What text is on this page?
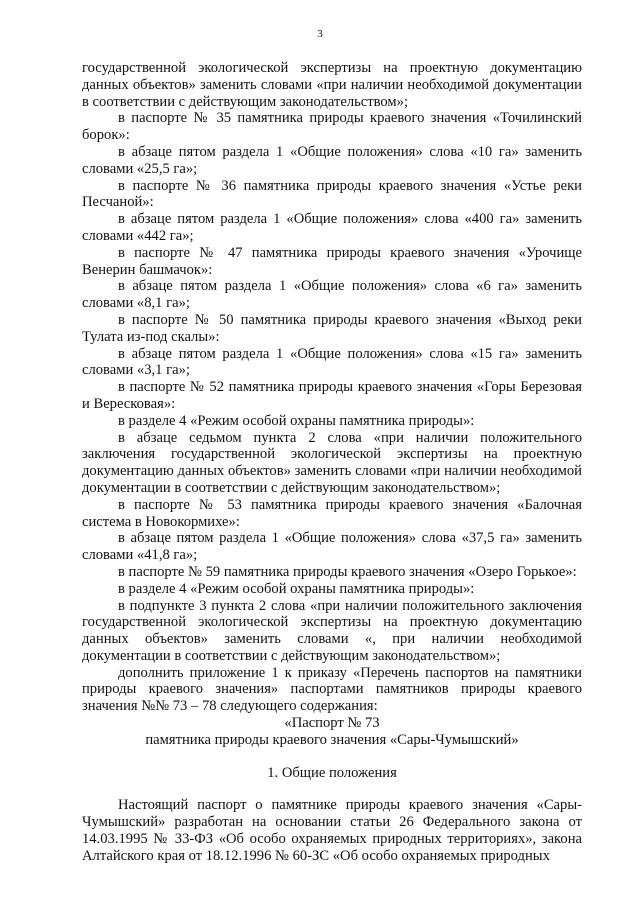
3

государственной экологической экспертизы на проектную документацию данных объектов» заменить словами «при наличии необходимой документации в соответствии с действующим законодательством»;

в паспорте № 35 памятника природы краевого значения «Точилинский борок»:

в абзаце пятом раздела 1 «Общие положения» слова «10 га» заменить словами «25,5 га»;

в паспорте № 36 памятника природы краевого значения «Устье реки Песчаной»:

в абзаце пятом раздела 1 «Общие положения» слова «400 га» заменить словами «442 га»;

в паспорте № 47 памятника природы краевого значения «Урочище Венерин башмачок»:

в абзаце пятом раздела 1 «Общие положения» слова «6 га» заменить словами «8,1 га»;

в паспорте № 50 памятника природы краевого значения «Выход реки Тулата из-под скалы»:

в абзаце пятом раздела 1 «Общие положения» слова «15 га» заменить словами «3,1 га»;

в паспорте № 52 памятника природы краевого значения «Горы Березовая и Вересковая»:

в разделе 4 «Режим особой охраны памятника природы»:

в абзаце седьмом пункта 2 слова «при наличии положительного заключения государственной экологической экспертизы на проектную документацию данных объектов» заменить словами «при наличии необходимой документации в соответствии с действующим законодательством»;

в паспорте № 53 памятника природы краевого значения «Балочная система в Новокормихе»:

в абзаце пятом раздела 1 «Общие положения» слова «37,5 га» заменить словами «41,8 га»;

в паспорте № 59 памятника природы краевого значения «Озеро Горькое»:

в разделе 4 «Режим особой охраны памятника природы»:

в подпункте 3 пункта 2 слова «при наличии положительного заключения государственной экологической экспертизы на проектную документацию данных объектов» заменить словами «, при наличии необходимой документации в соответствии с действующим законодательством»;

дополнить приложение 1 к приказу «Перечень паспортов на памятники природы краевого значения» паспортами памятников природы краевого значения №№ 73 – 78 следующего содержания:

«Паспорт № 73

памятника природы краевого значения «Сары-Чумышский»

1. Общие положения

Настоящий паспорт о памятнике природы краевого значения «Сары-Чумышский» разработан на основании статьи 26 Федерального закона от 14.03.1995 № 33-ФЗ «Об особо охраняемых природных территориях», закона Алтайского края от 18.12.1996 № 60-ЗС «Об особо охраняемых природных
